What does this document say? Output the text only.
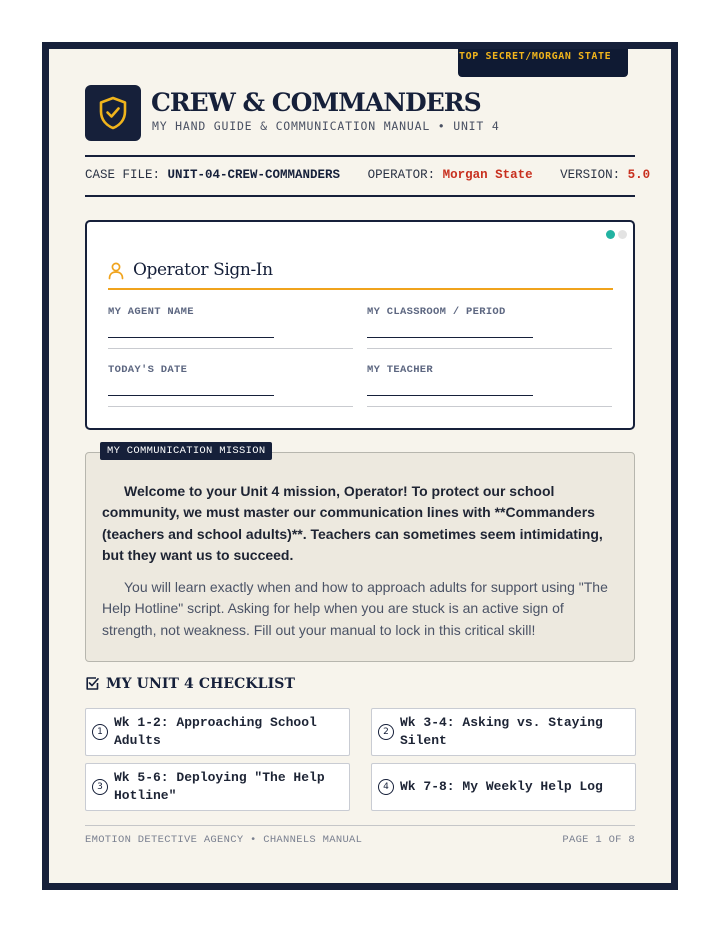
TOP SECRET/MORGAN STATE
CREW & COMMANDERS
MY HAND GUIDE & COMMUNICATION MANUAL • UNIT 4
CASE FILE: UNIT-04-CREW-COMMANDERS OPERATOR: Morgan State VERSION: 5.0
Operator Sign-In
MY AGENT NAME	MY CLASSROOM / PERIOD
TODAY'S DATE	MY TEACHER
MY COMMUNICATION MISSION

Welcome to your Unit 4 mission, Operator! To protect our school community, we must master our communication lines with **Commanders (teachers and school adults)**. Teachers can sometimes seem intimidating, but they want us to succeed.

You will learn exactly when and how to approach adults for support using "The Help Hotline" script. Asking for help when you are stuck is an active sign of strength, not weakness. Fill out your manual to lock in this critical skill!

MY UNIT 4 CHECKLIST
1
Wk 1-2: Approaching School Adults
2
Wk 3-4: Asking vs. Staying Silent
3
Wk 5-6: Deploying "The Help Hotline"
4 Wk 7-8: My Weekly Help Log
EMOTION DETECTIVE AGENCY • CHANNELS MANUAL	PAGE 1 OF 8
